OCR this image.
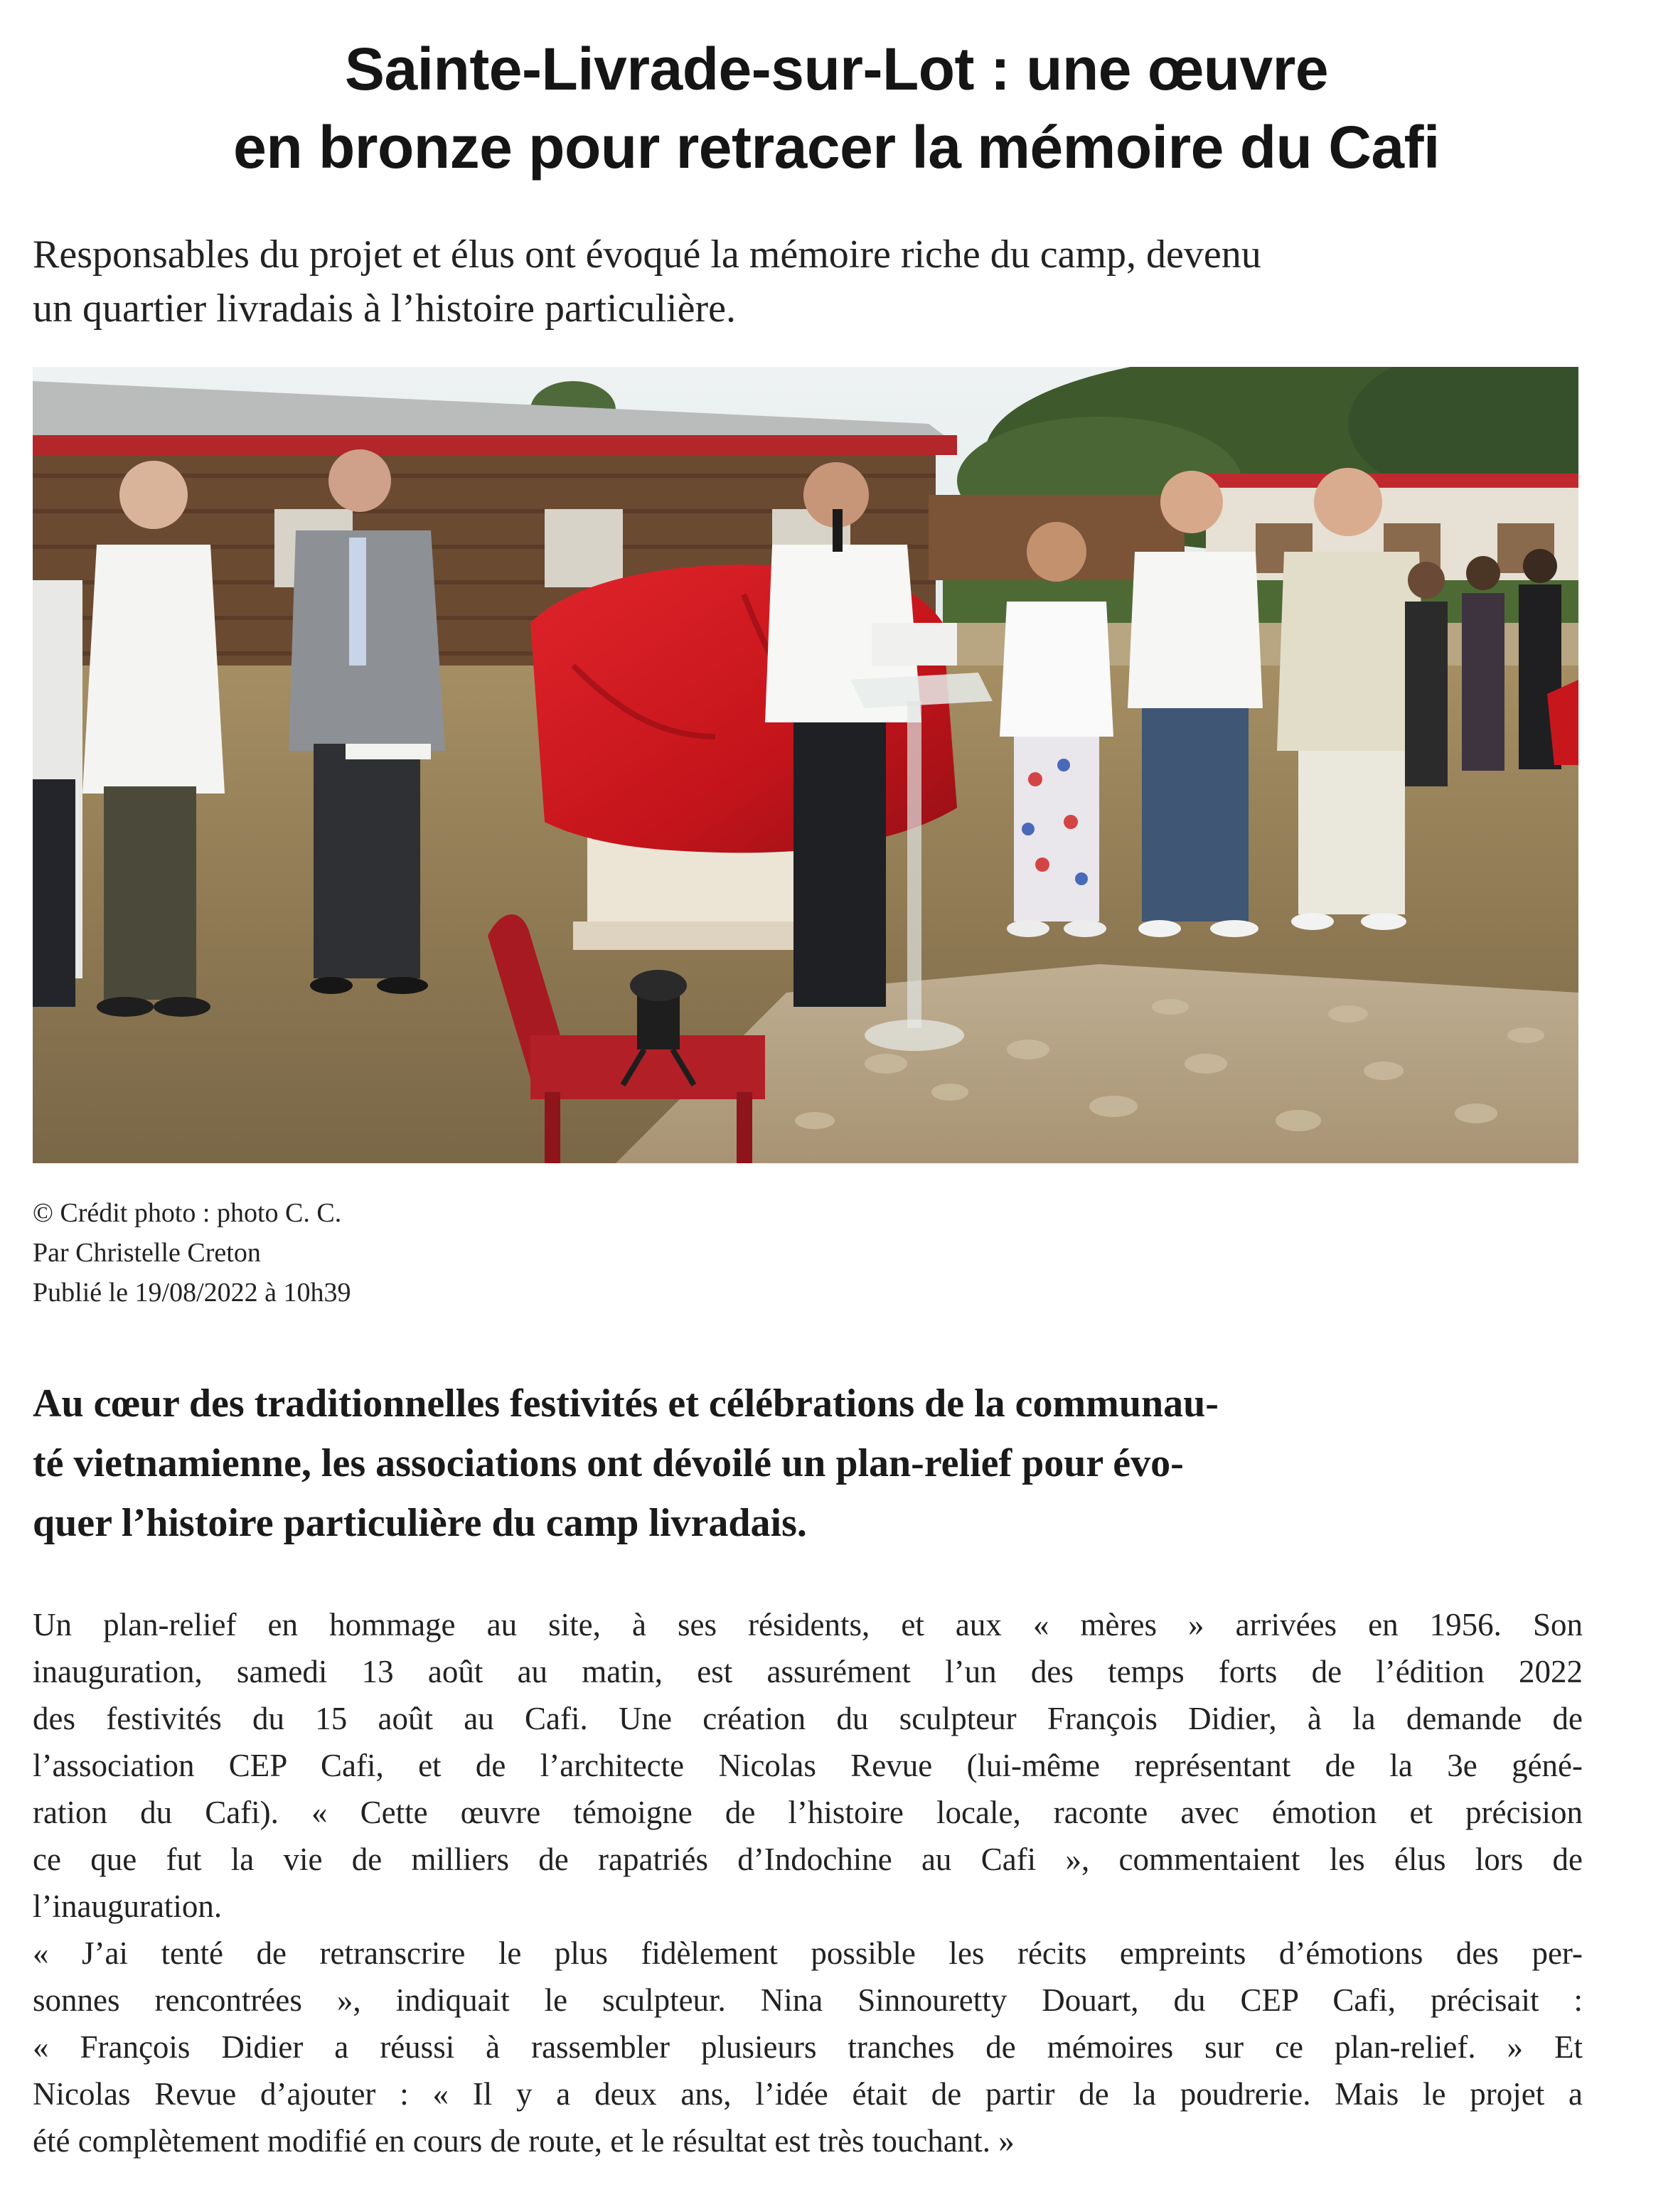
Sainte-Livrade-sur-Lot : une œuvre
en bronze pour retracer la mémoire du Cafi

Responsables du projet et élus ont évoqué la mémoire riche du camp, devenu
un quartier livradais à l’histoire particulière.

© Crédit photo : photo C. C.
Par Christelle Creton
Publié le 19/08/2022 à 10h39

Au cœur des traditionnelles festivités et célébrations de la communau-
té vietnamienne, les associations ont dévoilé un plan-relief pour évo-
quer l’histoire particulière du camp livradais.

Un plan-relief en hommage au site, à ses résidents, et aux « mères » arrivées en 1956. Son
inauguration, samedi 13 août au matin, est assurément l’un des temps forts de l’édition 2022
des festivités du 15 août au Cafi. Une création du sculpteur François Didier, à la demande de
l’association CEP Cafi, et de l’architecte Nicolas Revue (lui-même représentant de la 3e géné-
ration du Cafi). « Cette œuvre témoigne de l’histoire locale, raconte avec émotion et précision
ce que fut la vie de milliers de rapatriés d’Indochine au Cafi », commentaient les élus lors de
l’inauguration.
« J’ai tenté de retranscrire le plus fidèlement possible les récits empreints d’émotions des per-
sonnes rencontrées », indiquait le sculpteur. Nina Sinnouretty Douart, du CEP Cafi, précisait :
« François Didier a réussi à rassembler plusieurs tranches de mémoires sur ce plan-relief. » Et
Nicolas Revue d’ajouter : « Il y a deux ans, l’idée était de partir de la poudrerie. Mais le projet a
été complètement modifié en cours de route, et le résultat est très touchant. »
